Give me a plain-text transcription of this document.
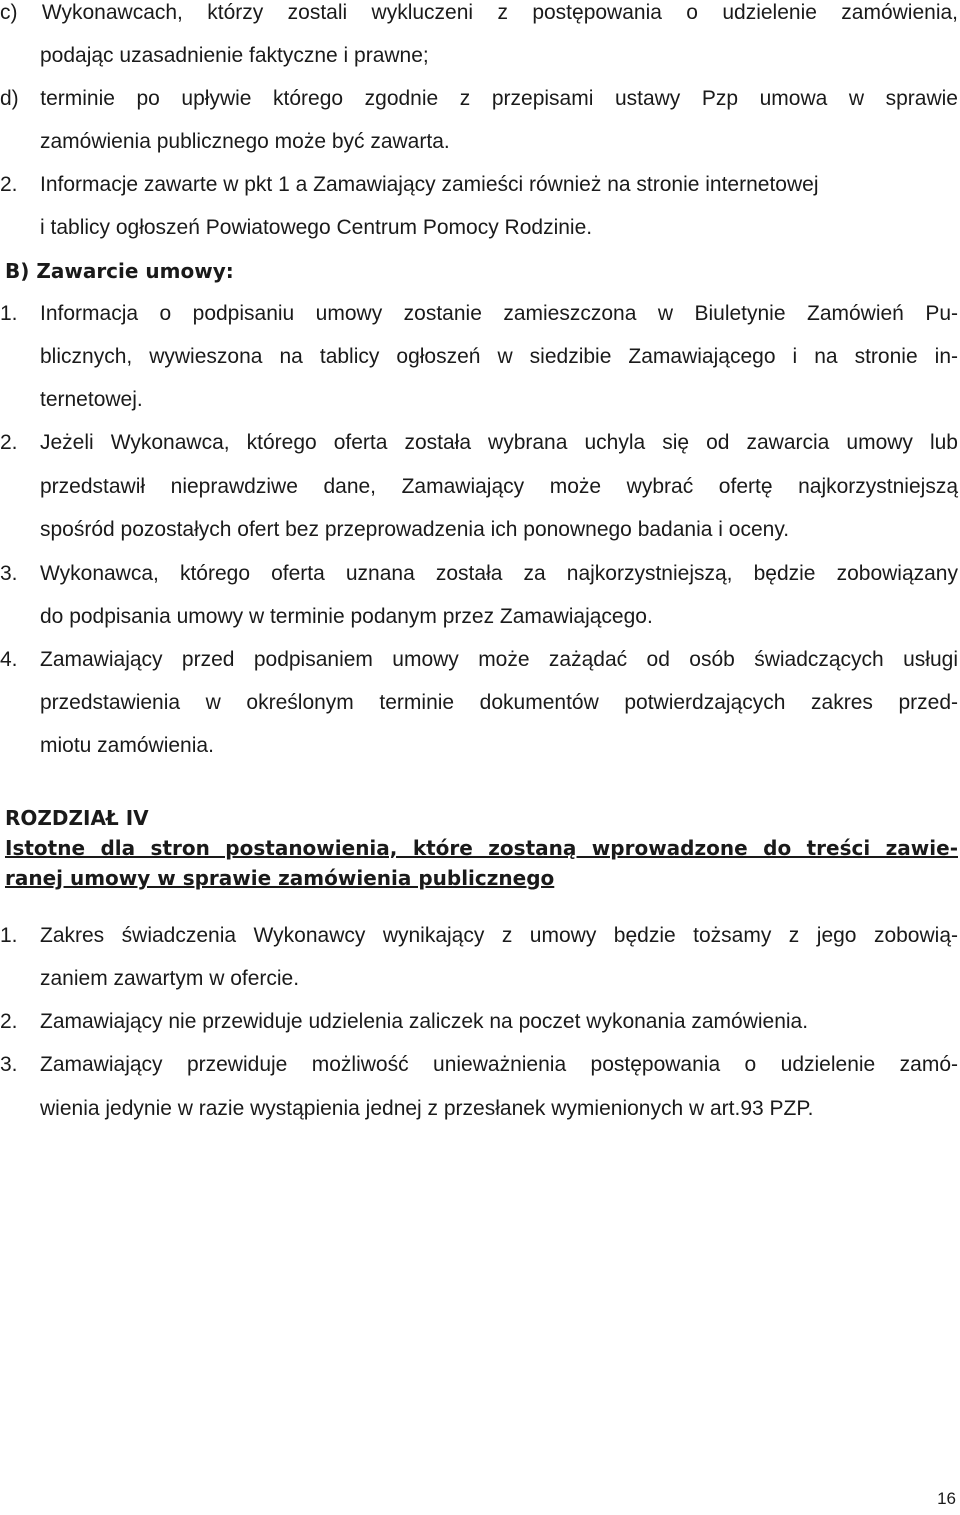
c) Wykonawcach, którzy zostali wykluczeni z postępowania o udzielenie zamówienia,
podając uzasadnienie faktyczne i prawne;
d) terminie po upływie którego zgodnie z przepisami ustawy Pzp umowa w sprawie
zamówienia publicznego może być zawarta.
2. Informacje zawarte w pkt 1 a Zamawiający zamieści również na stronie internetowej
i tablicy ogłoszeń Powiatowego Centrum Pomocy Rodzinie.
B) Zawarcie umowy:
1. Informacja o podpisaniu umowy zostanie zamieszczona w Biuletynie Zamówień Pu-
blicznych, wywieszona na tablicy ogłoszeń w siedzibie Zamawiającego i na stronie in-
ternetowej.
2. Jeżeli Wykonawca, którego oferta została wybrana uchyla się od zawarcia umowy lub
przedstawił nieprawdziwe dane, Zamawiający może wybrać ofertę najkorzystniejszą
spośród pozostałych ofert bez przeprowadzenia ich ponownego badania i oceny.
3. Wykonawca, którego oferta uznana została za najkorzystniejszą, będzie zobowiązany
do podpisania umowy w terminie podanym przez Zamawiającego.
4. Zamawiający przed podpisaniem umowy może zażądać od osób świadczących usługi
przedstawienia w określonym terminie dokumentów potwierdzających zakres przed-
miotu zamówienia.
ROZDZIAŁ IV
Istotne dla stron postanowienia, które zostaną wprowadzone do treści zawie-
ranej umowy w sprawie zamówienia publicznego
1. Zakres świadczenia Wykonawcy wynikający z umowy będzie tożsamy z jego zobowią-
zaniem zawartym w ofercie.
2. Zamawiający nie przewiduje udzielenia zaliczek na poczet wykonania zamówienia.
3. Zamawiający przewiduje możliwość unieważnienia postępowania o udzielenie zamó-
wienia jedynie w razie wystąpienia jednej z przesłanek wymienionych w art.93 PZP.
16
